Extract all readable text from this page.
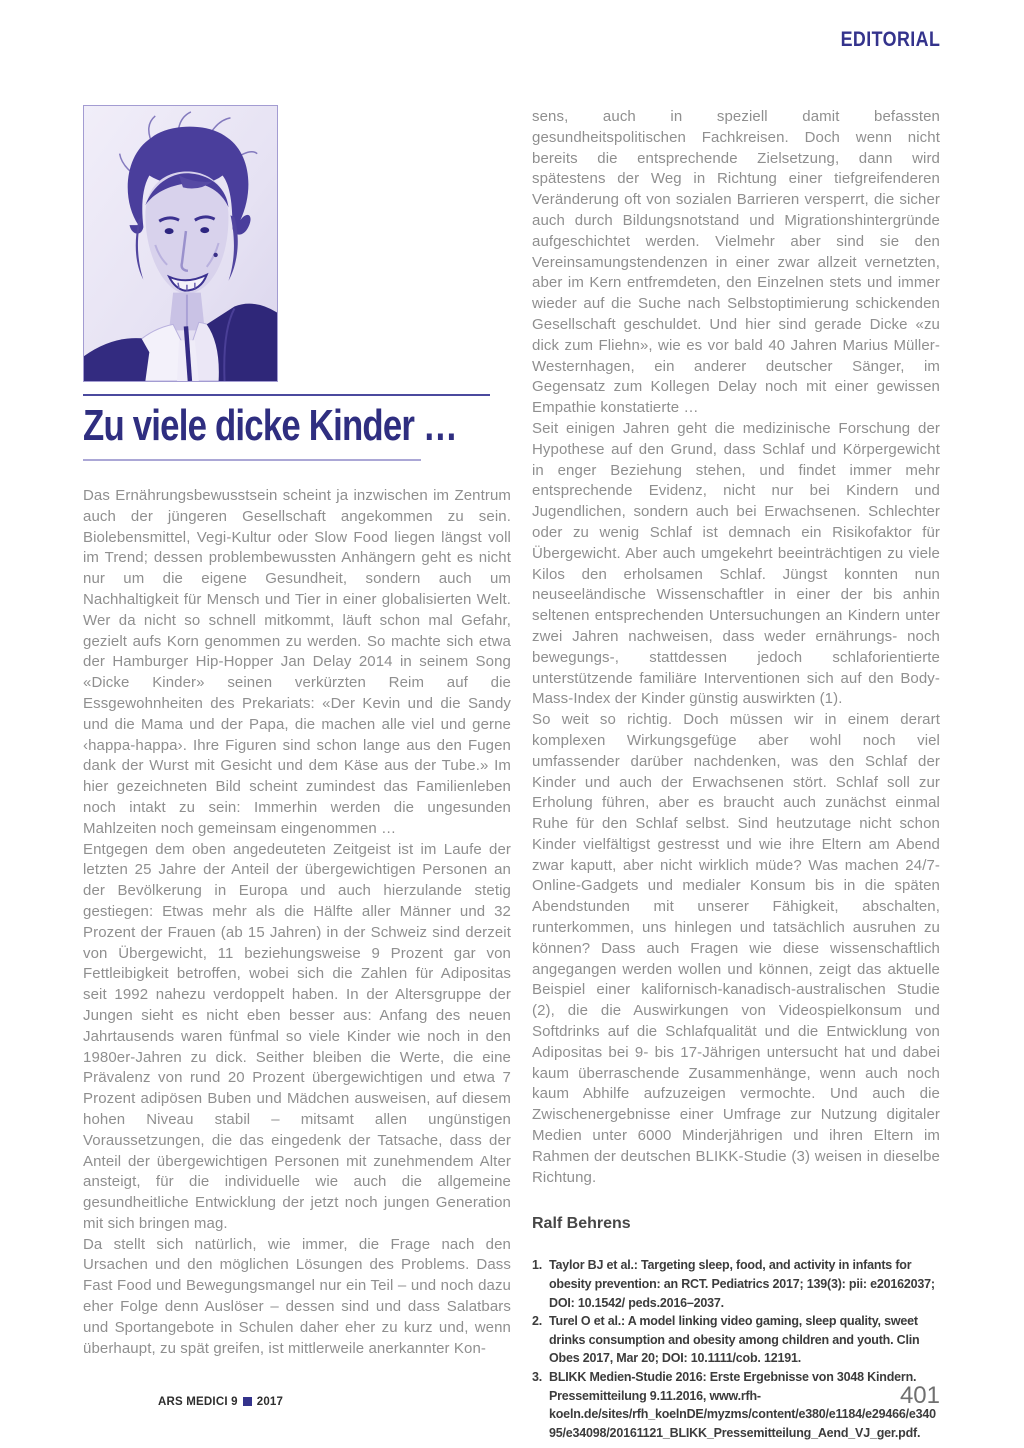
EDITORIAL
Zu viele dicke Kinder …

Das Ernährungsbewusstsein scheint ja inzwischen im Zentrum auch der jüngeren Gesellschaft angekommen zu sein. Biolebensmittel, Vegi-Kultur oder Slow Food liegen längst voll im Trend; dessen problembewussten Anhängern geht es nicht nur um die eigene Gesundheit, sondern auch um Nachhaltigkeit für Mensch und Tier in einer globalisierten Welt. Wer da nicht so schnell mitkommt, läuft schon mal Gefahr, gezielt aufs Korn genommen zu werden. So machte sich etwa der Hamburger Hip-Hopper Jan Delay 2014 in seinem Song «Dicke Kinder» seinen verkürzten Reim auf die Essgewohnheiten des Prekariats: «Der Kevin und die Sandy und die Mama und der Papa, die machen alle viel und gerne ‹happa-happa›. Ihre Figuren sind schon lange aus den Fugen dank der Wurst mit Gesicht und dem Käse aus der Tube.» Im hier gezeichneten Bild scheint zumindest das Familienleben noch intakt zu sein: Immerhin werden die ungesunden Mahlzeiten noch gemeinsam eingenommen …

Entgegen dem oben angedeuteten Zeitgeist ist im Laufe der letzten 25 Jahre der Anteil der übergewichtigen Personen an der Bevölkerung in Europa und auch hierzulande stetig gestiegen: Etwas mehr als die Hälfte aller Männer und 32 Prozent der Frauen (ab 15 Jahren) in der Schweiz sind derzeit von Übergewicht, 11 beziehungsweise 9 Prozent gar von Fettleibigkeit betroffen, wobei sich die Zahlen für Adipositas seit 1992 nahezu verdoppelt haben. In der Altersgruppe der Jungen sieht es nicht eben besser aus: Anfang des neuen Jahrtausends waren fünfmal so viele Kinder wie noch in den 1980er-Jahren zu dick. Seither bleiben die Werte, die eine Prävalenz von rund 20 Prozent übergewichtigen und etwa 7 Prozent adipösen Buben und Mädchen ausweisen, auf diesem hohen Niveau stabil – mitsamt allen ungünstigen Voraussetzungen, die das eingedenk der Tatsache, dass der Anteil der übergewichtigen Personen mit zunehmendem Alter ansteigt, für die individuelle wie auch die allgemeine gesundheitliche Entwicklung der jetzt noch jungen Generation mit sich bringen mag.

Da stellt sich natürlich, wie immer, die Frage nach den Ursachen und den möglichen Lösungen des Problems. Dass Fast Food und Bewegungsmangel nur ein Teil – und noch dazu eher Folge denn Auslöser – dessen sind und dass Salatbars und Sportangebote in Schulen daher eher zu kurz und, wenn überhaupt, zu spät greifen, ist mittlerweile anerkannter Kon-

sens, auch in speziell damit befassten gesundheitspolitischen Fachkreisen. Doch wenn nicht bereits die entsprechende Zielsetzung, dann wird spätestens der Weg in Richtung einer tiefgreifenderen Veränderung oft von sozialen Barrieren versperrt, die sicher auch durch Bildungsnotstand und Migrationshintergründe aufgeschichtet werden. Vielmehr aber sind sie den Vereinsamungstendenzen in einer zwar allzeit vernetzten, aber im Kern entfremdeten, den Einzelnen stets und immer wieder auf die Suche nach Selbstoptimierung schickenden Gesellschaft geschuldet. Und hier sind gerade Dicke «zu dick zum Fliehn», wie es vor bald 40 Jahren Marius Müller-Westernhagen, ein anderer deutscher Sänger, im Gegensatz zum Kollegen Delay noch mit einer gewissen Empathie konstatierte …

Seit einigen Jahren geht die medizinische Forschung der Hypothese auf den Grund, dass Schlaf und Körpergewicht in enger Beziehung stehen, und findet immer mehr entsprechende Evidenz, nicht nur bei Kindern und Jugendlichen, sondern auch bei Erwachsenen. Schlechter oder zu wenig Schlaf ist demnach ein Risikofaktor für Übergewicht. Aber auch umgekehrt beeinträchtigen zu viele Kilos den erholsamen Schlaf. Jüngst konnten nun neuseeländische Wissenschaftler in einer der bis anhin seltenen entsprechenden Untersuchungen an Kindern unter zwei Jahren nachweisen, dass weder ernährungs- noch bewegungs-, stattdessen jedoch schlaforientierte unterstützende familiäre Interventionen sich auf den Body-Mass-Index der Kinder günstig auswirkten (1).

So weit so richtig. Doch müssen wir in einem derart komplexen Wirkungsgefüge aber wohl noch viel umfassender darüber nachdenken, was den Schlaf der Kinder und auch der Erwachsenen stört. Schlaf soll zur Erholung führen, aber es braucht auch zunächst einmal Ruhe für den Schlaf selbst. Sind heutzutage nicht schon Kinder vielfältigst gestresst und wie ihre Eltern am Abend zwar kaputt, aber nicht wirklich müde? Was machen 24/7-Online-Gadgets und medialer Konsum bis in die späten Abendstunden mit unserer Fähigkeit, abschalten, runterkommen, uns hinlegen und tatsächlich ausruhen zu können? Dass auch Fragen wie diese wissenschaftlich angegangen werden wollen und können, zeigt das aktuelle Beispiel einer kalifornisch-kanadisch-australischen Studie (2), die die Auswirkungen von Videospielkonsum und Softdrinks auf die Schlafqualität und die Entwicklung von Adipositas bei 9- bis 17-Jährigen untersucht hat und dabei kaum überraschende Zusammenhänge, wenn auch noch kaum Abhilfe aufzuzeigen vermochte. Und auch die Zwischenergebnisse einer Umfrage zur Nutzung digitaler Medien unter 6000 Minderjährigen und ihren Eltern im Rahmen der deutschen BLIKK-Studie (3) weisen in dieselbe Richtung.

Ralf Behrens
1. Taylor BJ et al.: Targeting sleep, food, and activity in infants for obesity prevention: an RCT. Pediatrics 2017; 139(3): pii: e20162037; DOI: 10.1542/ peds.2016–2037.
2. Turel O et al.: A model linking video gaming, sleep quality, sweet drinks consumption and obesity among children and youth. Clin Obes 2017, Mar 20; DOI: 10.1111/cob. 12191.
3. BLIKK Medien-Studie 2016: Erste Ergebnisse von 3048 Kindern. Pressemitteilung 9.11.2016, www.rfh-koeln.de/sites/rfh_koelnDE/myzms/content/e380/e1184/e29466/e34095/e34098/20161121_BLIKK_Pressemitteilung_Aend_VJ_ger.pdf.
ARS MEDICI 9 2017	401
